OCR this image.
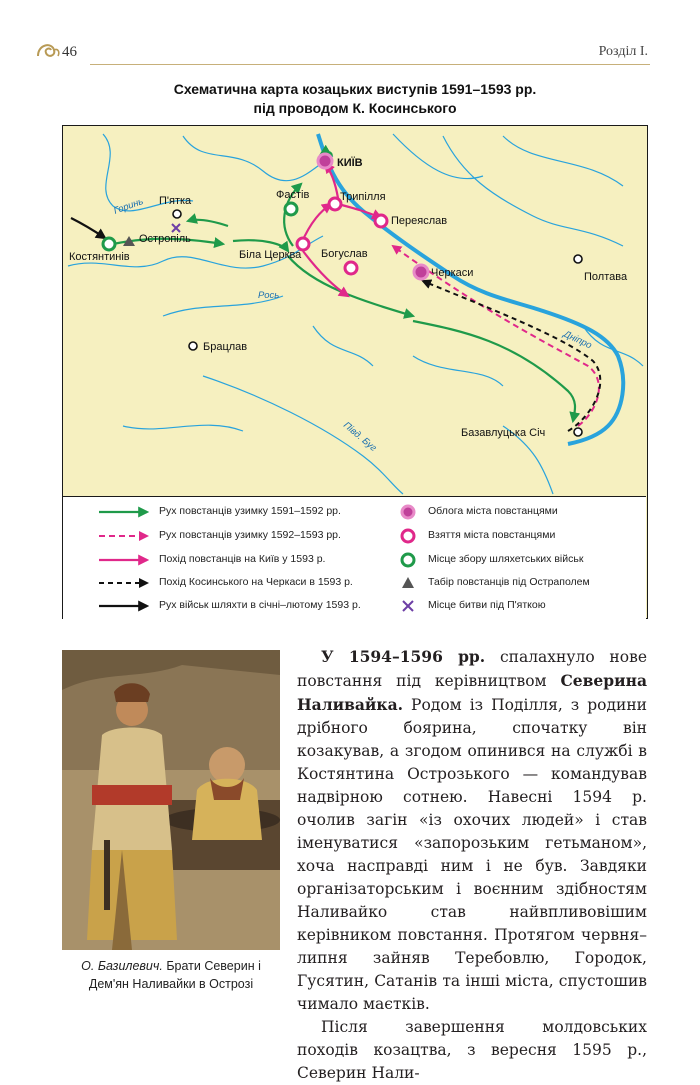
46	Розділ I.
Схематична карта козацьких виступів 1591–1593 рр.
під проводом К. Косинського
КИЇВ
Трипілля
Переяслав
Фастів
П'ятка
Остропіль
Костянтинів	Біла Церква Богуслав
Черкаси	Полтава
Брацлав
Базавлуцька Січ
Горинь
Рось
Дніпро
Півд. Буг
Рух повстанців узимку 1591–1592 рр.
Рух повстанців узимку 1592–1593 рр.
Похід повстанців на Київ у 1593 р.
Похід Косинського на Черкаси в 1593 р.
Рух військ шляхти в січні–лютому 1593 р.
Облога міста повстанцями
Взяття міста повстанцями
Місце збору шляхетських військ
Табір повстанців під Остраполем
Місце битви під П'яткою
О. Базилевич. Брати Северин і Дем'ян Наливайки в Острозі

У 1594–1596 рр. спалахнуло нове повстання під керівництвом Северина Наливайка. Родом із Поділля, з родини дрібного боярина, спочатку він козакував, а згодом опинився на службі в Костянтина Острозького — командував надвірною сотнею. Навесні 1594 р. очолив загін «із охочих людей» і став іменуватися «запорозьким гетьманом», хоча насправді ним і не був. Завдяки організаторським і воєнним здібностям Наливайко став найвпливовішим керівником повстання. Протягом червня–липня зайняв Теребовлю, Городок, Гусятин, Сатанів та інші міста, спустошив чимало маєтків.

Після завершення молдовських походів козацтва, з вересня 1595 р., Северин Нали-
